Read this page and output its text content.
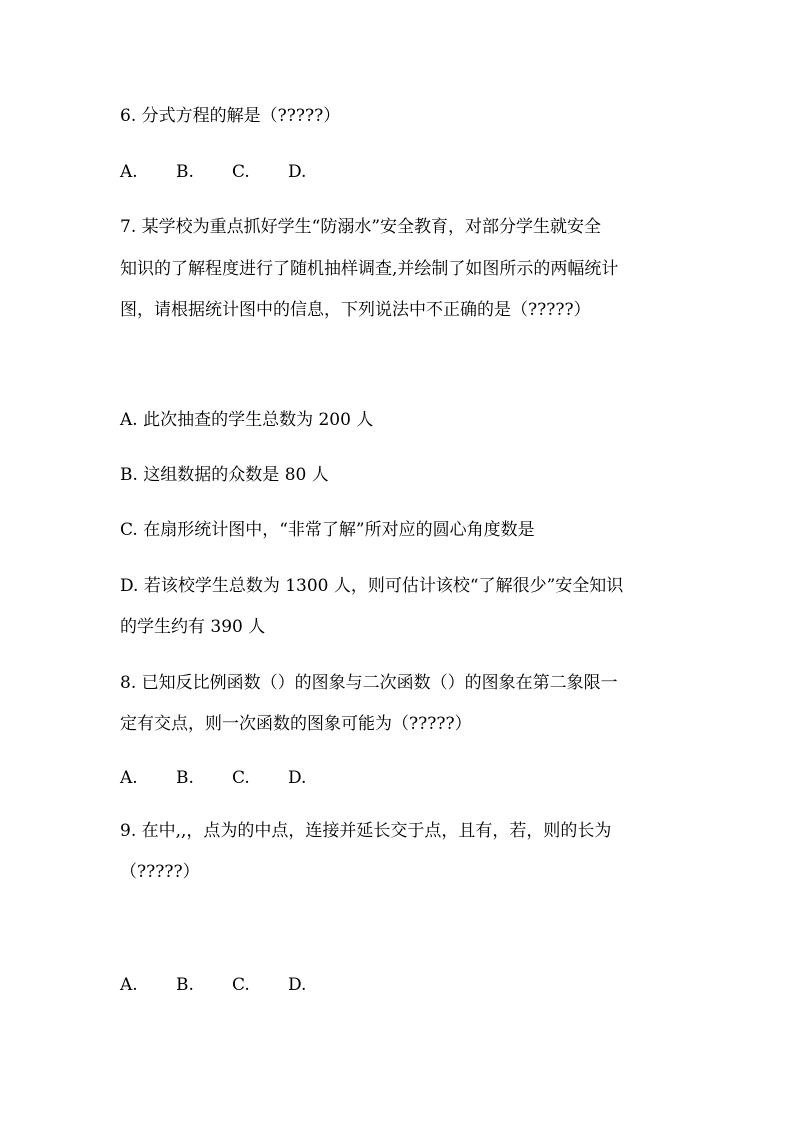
6. 分式方程的解是（?????）
A. B. C. D.
7. 某学校为重点抓好学生“防溺水”安全教育，对部分学生就安全
知识的了解程度进行了随机抽样调查,并绘制了如图所示的两幅统计
图，请根据统计图中的信息，下列说法中不正确的是（?????）
A. 此次抽查的学生总数为 200 人
B. 这组数据的众数是 80 人
C. 在扇形统计图中，“非常了解”所对应的圆心角度数是
D. 若该校学生总数为 1300 人，则可估计该校“了解很少”安全知识
的学生约有 390 人
8. 已知反比例函数（）的图象与二次函数（）的图象在第二象限一
定有交点，则一次函数的图象可能为（?????）
A. B. C. D.
9. 在中,,，点为的中点，连接并延长交于点，且有，若，则的长为
（?????）
A. B. C. D.
